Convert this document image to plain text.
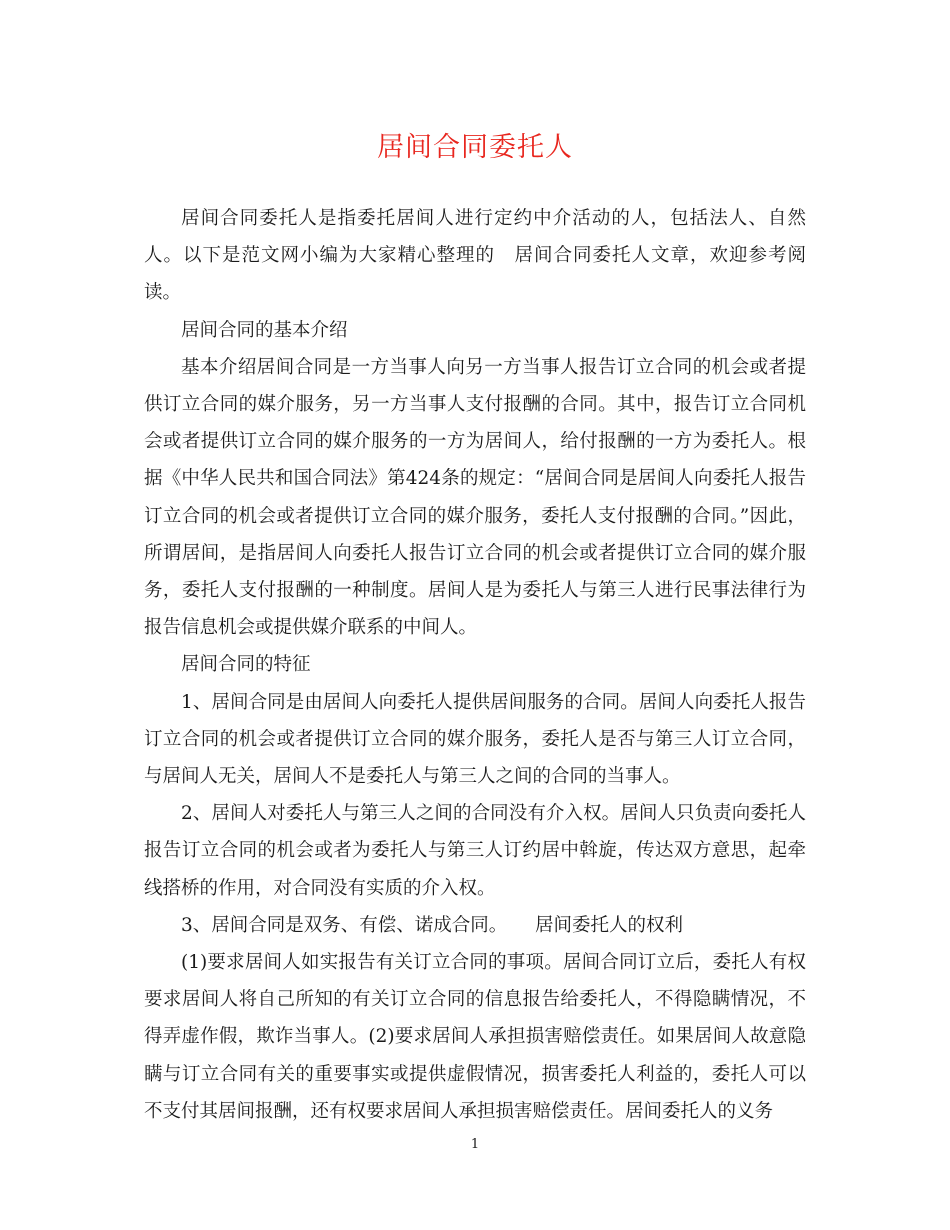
居间合同委托人

居间合同委托人是指委托居间人进行定约中介活动的人，包括法人、自然人。以下是范文网小编为大家精心整理的　居间合同委托人文章，欢迎参考阅读。

居间合同的基本介绍

基本介绍居间合同是一方当事人向另一方当事人报告订立合同的机会或者提供订立合同的媒介服务，另一方当事人支付报酬的合同。其中，报告订立合同机会或者提供订立合同的媒介服务的一方为居间人，给付报酬的一方为委托人。根据《中华人民共和国合同法》第424条的规定：“居间合同是居间人向委托人报告订立合同的机会或者提供订立合同的媒介服务，委托人支付报酬的合同。”因此，所谓居间，是指居间人向委托人报告订立合同的机会或者提供订立合同的媒介服务，委托人支付报酬的一种制度。居间人是为委托人与第三人进行民事法律行为报告信息机会或提供媒介联系的中间人。

居间合同的特征

1、居间合同是由居间人向委托人提供居间服务的合同。居间人向委托人报告订立合同的机会或者提供订立合同的媒介服务，委托人是否与第三人订立合同，与居间人无关，居间人不是委托人与第三人之间的合同的当事人。

2、居间人对委托人与第三人之间的合同没有介入权。居间人只负责向委托人报告订立合同的机会或者为委托人与第三人订约居中斡旋，传达双方意思，起牵线搭桥的作用，对合同没有实质的介入权。

3、居间合同是双务、有偿、诺成合同。　　居间委托人的权利

(1)要求居间人如实报告有关订立合同的事项。居间合同订立后，委托人有权要求居间人将自己所知的有关订立合同的信息报告给委托人，不得隐瞒情况，不得弄虚作假，欺诈当事人。(2)要求居间人承担损害赔偿责任。如果居间人故意隐瞒与订立合同有关的重要事实或提供虚假情况，损害委托人利益的，委托人可以不支付其居间报酬，还有权要求居间人承担损害赔偿责任。居间委托人的义务

1
